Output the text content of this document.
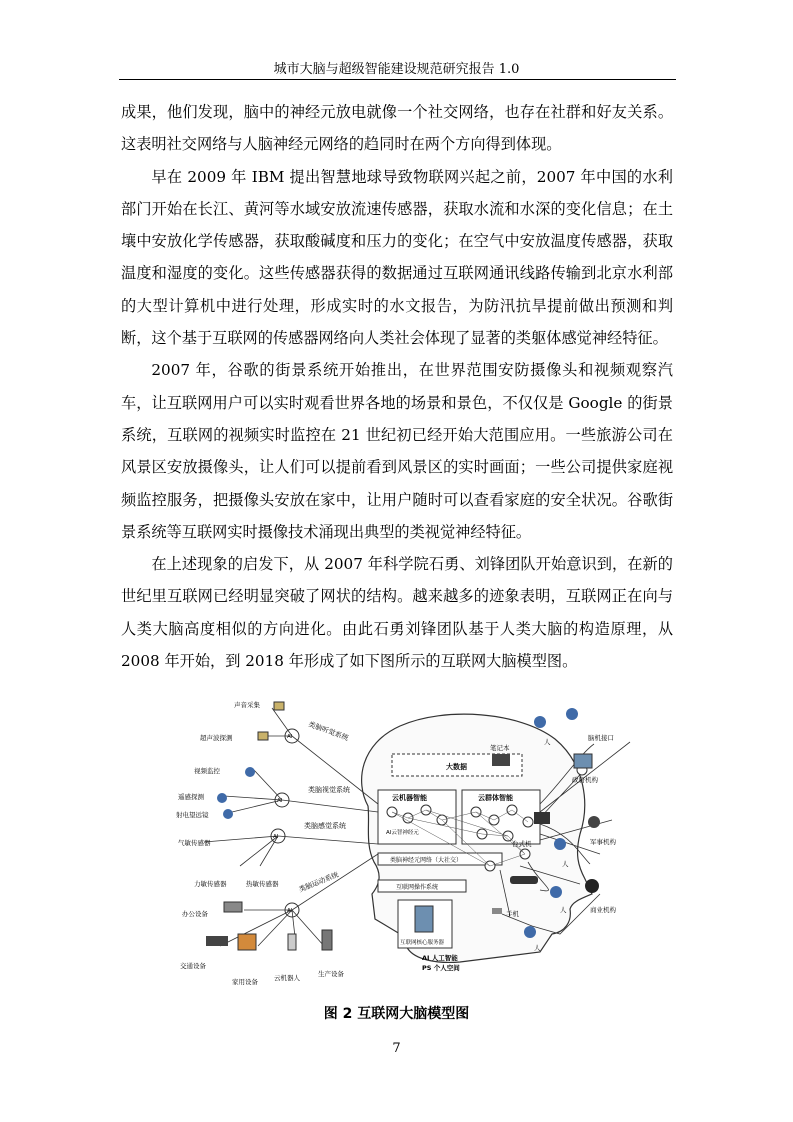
城市大脑与超级智能建设规范研究报告 1.0

成果，他们发现，脑中的神经元放电就像一个社交网络，也存在社群和好友关系。这表明社交网络与人脑神经元网络的趋同时在两个方向得到体现。

早在 2009 年 IBM 提出智慧地球导致物联网兴起之前，2007 年中国的水利部门开始在长江、黄河等水域安放流速传感器，获取水流和水深的变化信息；在土壤中安放化学传感器，获取酸碱度和压力的变化；在空气中安放温度传感器，获取温度和湿度的变化。这些传感器获得的数据通过互联网通讯线路传输到北京水利部的大型计算机中进行处理，形成实时的水文报告，为防汛抗旱提前做出预测和判断，这个基于互联网的传感器网络向人类社会体现了显著的类躯体感觉神经特征。

2007 年，谷歌的街景系统开始推出，在世界范围安防摄像头和视频观察汽车，让互联网用户可以实时观看世界各地的场景和景色，不仅仅是 Google 的街景系统，互联网的视频实时监控在 21 世纪初已经开始大范围应用。一些旅游公司在风景区安放摄像头，让人们可以提前看到风景区的实时画面；一些公司提供家庭视频监控服务，把摄像头安放在家中，让用户随时可以查看家庭的安全状况。谷歌街景系统等互联网实时摄像技术涌现出典型的类视觉神经特征。

在上述现象的启发下，从 2007 年科学院石勇、刘锋团队开始意识到，在新的世纪里互联网已经明显突破了网状的结构。越来越多的迹象表明，互联网正在向与人类大脑高度相似的方向进化。由此石勇刘锋团队基于人类大脑的构造原理，从 2008 年开始，到 2018 年形成了如下图所示的互联网大脑模型图。

大数据
云机器智能	云群体智能
AI云智神经元
类脑神经元网络（大社交）
互联网操作系统
互联网核心服务器
AI
AI
AI
AI
声音采集
超声波探测
视频监控
遥感探测
射电望远镜
气敏传感器
力敏传感器	热敏传感器
办公设备
交通设备
家用设备 云机器人	生产设备
类脑听觉系统
类脑视觉系统
类脑感觉系统
类脑运动系统
人	脑机接口
笔记本
政府机构
台式机	军事机构
人
手机	人	商业机构
人
AI 人工智能
PS 个人空间
图 2 互联网大脑模型图
7
